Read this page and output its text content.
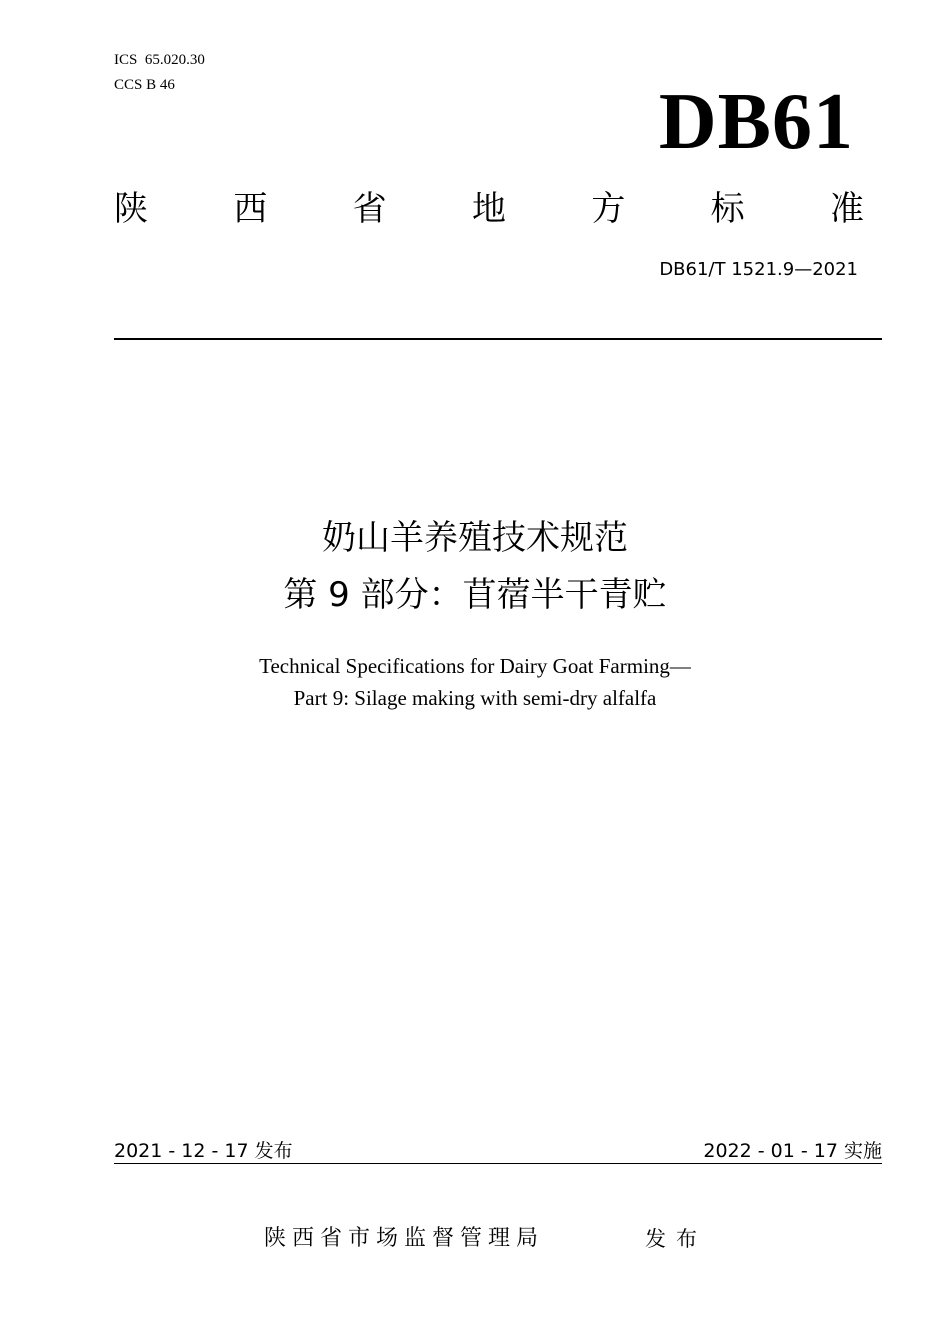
ICS  65.020.30
CCS B 46	DB61
陕	西	省	地	方	标	准
DB61/T 1521.9—2021
奶山羊养殖技术规范
第 9 部分：苜蓿半干青贮
Technical Specifications for Dairy Goat Farming—
Part 9: Silage making with semi-dry alfalfa
2021 - 12 - 17 发布	2022 - 01 - 17 实施
陕西省市场监督管理局	发布
